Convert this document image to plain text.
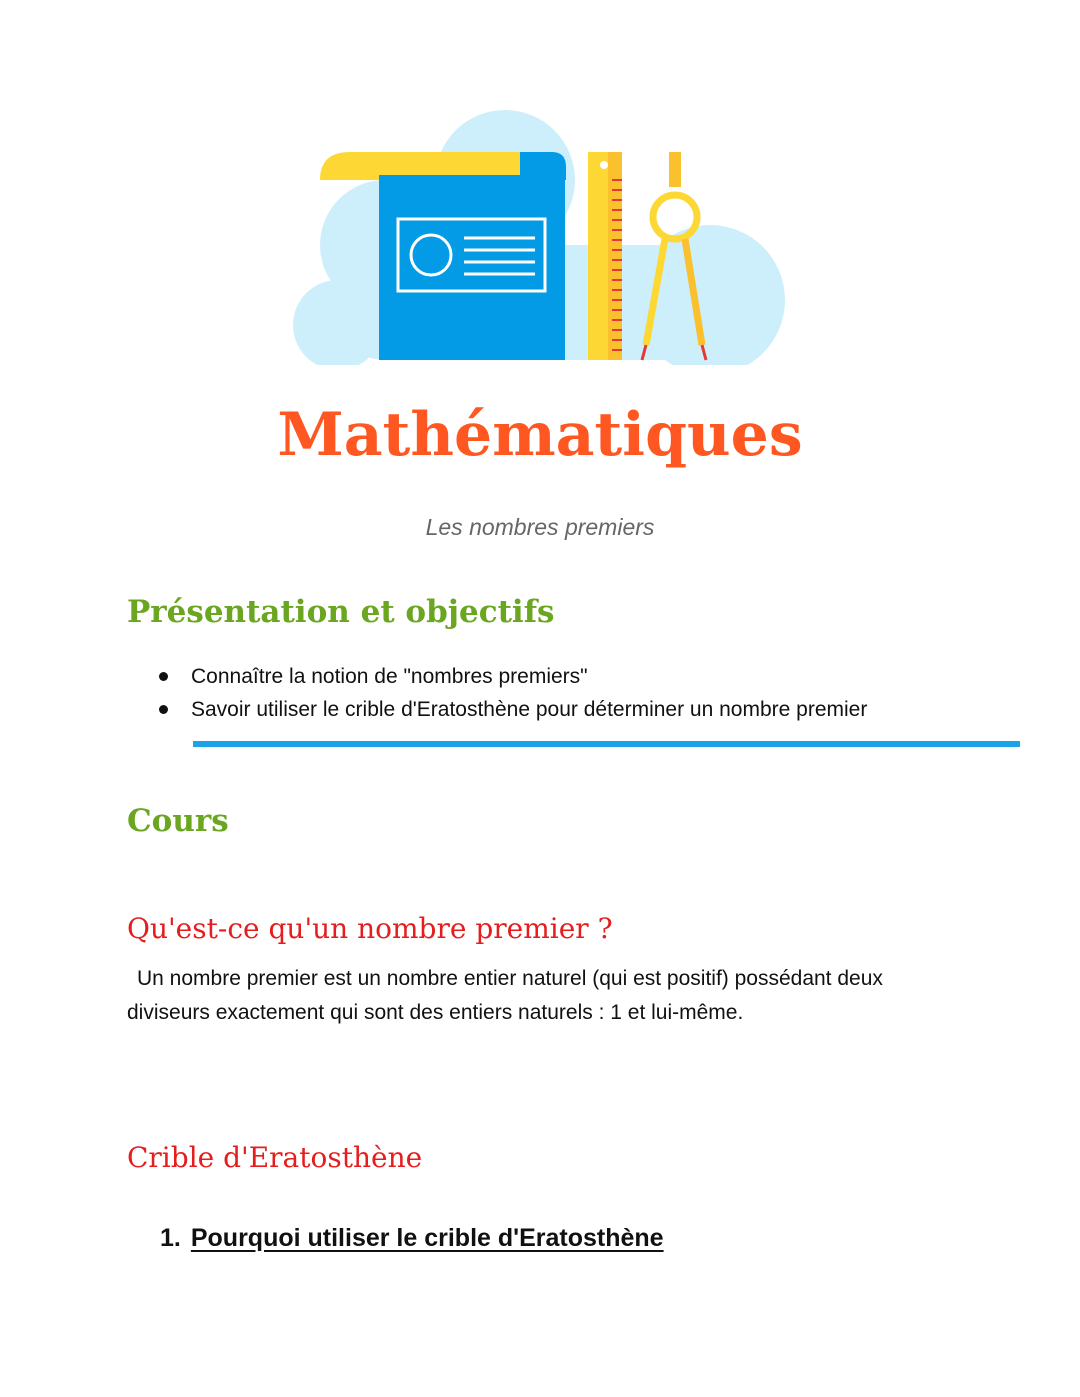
Mathématiques

Les nombres premiers

Présentation et objectifs
Connaître la notion de "nombres premiers"
Savoir utiliser le crible d'Eratosthène pour déterminer un nombre premier
Cours
Qu'est-ce qu'un nombre premier ?

Un nombre premier est un nombre entier naturel (qui est positif) possédant deux
diviseurs exactement qui sont des entiers naturels : 1 et lui-même.

Crible d'Eratosthène

1. Pourquoi utiliser le crible d'Eratosthène
